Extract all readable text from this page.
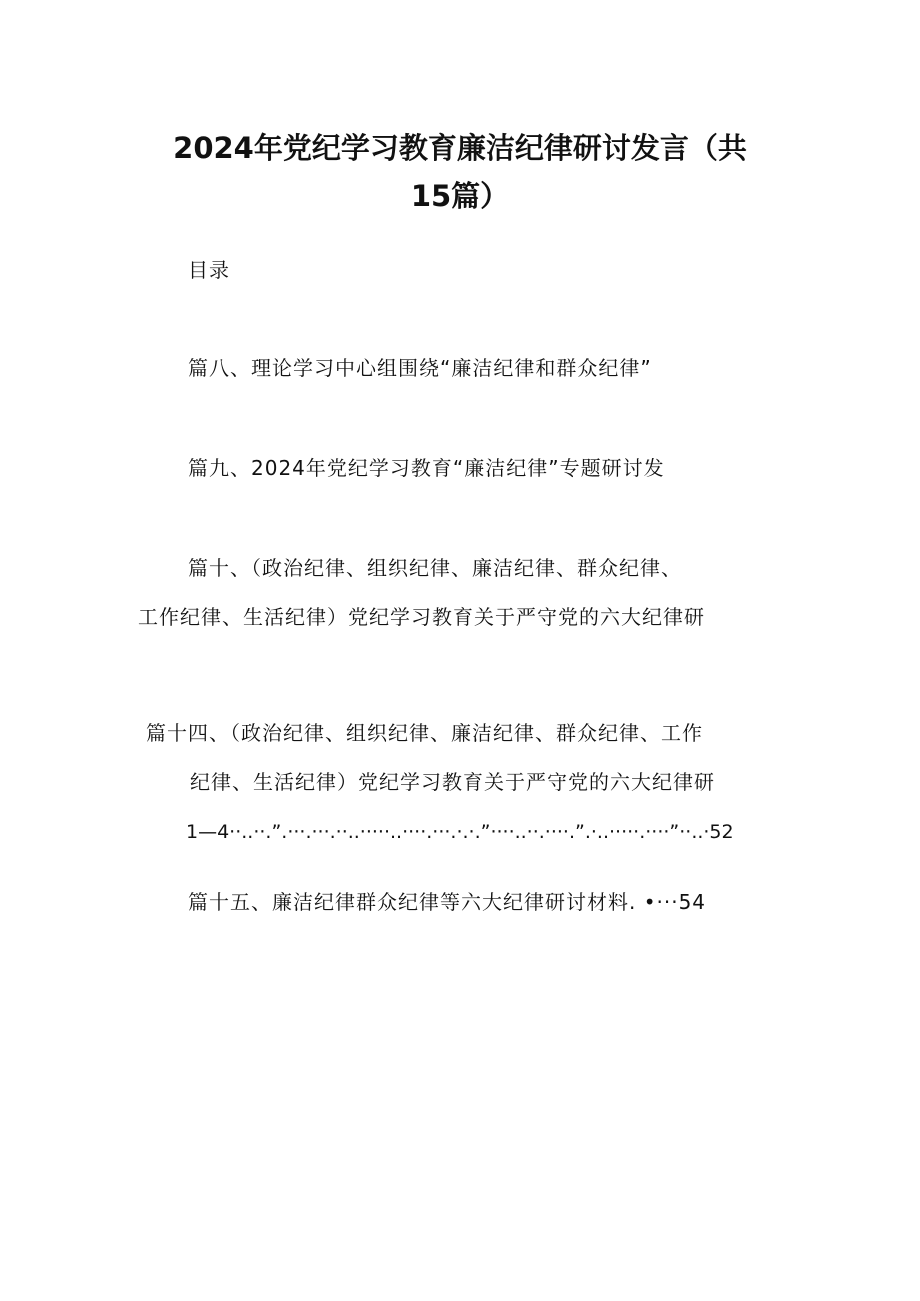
2024年党纪学习教育廉洁纪律研讨发言（共
15篇）
目录
篇八、理论学习中心组围绕“廉洁纪律和群众纪律”
篇九、2024年党纪学习教育“廉洁纪律”专题研讨发
篇十、（政治纪律、组织纪律、廉洁纪律、群众纪律、
工作纪律、生活纪律）党纪学习教育关于严守党的六大纪律研
篇十四、（政治纪律、组织纪律、廉洁纪律、群众纪律、工作
纪律、生活纪律）党纪学习教育关于严守党的六大纪律研
1—4··..··.”.···.···.··..·····..····.···.·.·.”····..··.····.”.·..·····.····”··..·52
篇十五、廉洁纪律群众纪律等六大纪律研讨材料. •···54
